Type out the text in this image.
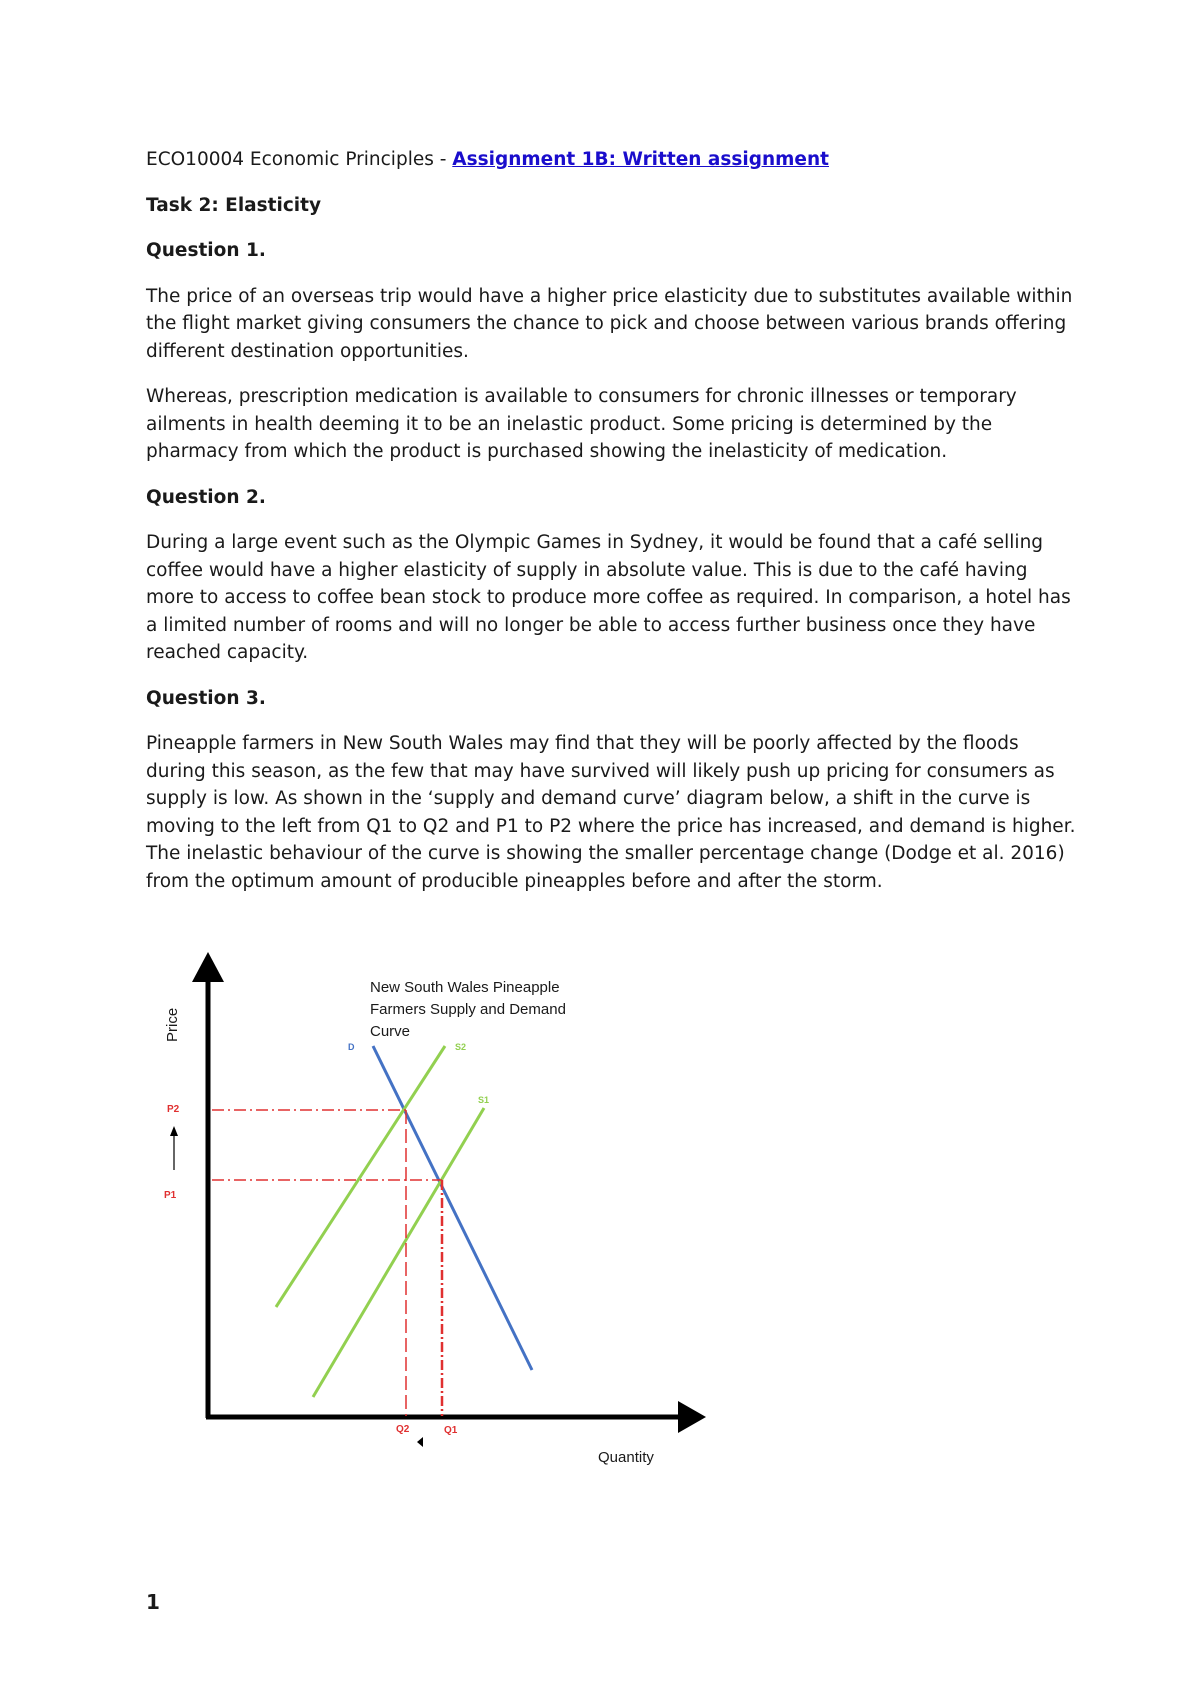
ECO10004 Economic Principles - Assignment 1B: Written assignment

Task 2: Elasticity

Question 1.

The price of an overseas trip would have a higher price elasticity due to substitutes available within the flight market giving consumers the chance to pick and choose between various brands offering different destination opportunities.

Whereas, prescription medication is available to consumers for chronic illnesses or temporary ailments in health deeming it to be an inelastic product. Some pricing is determined by the pharmacy from which the product is purchased showing the inelasticity of medication.

Question 2.

During a large event such as the Olympic Games in Sydney, it would be found that a café selling coffee would have a higher elasticity of supply in absolute value. This is due to the café having more to access to coffee bean stock to produce more coffee as required. In comparison, a hotel has a limited number of rooms and will no longer be able to access further business once they have reached capacity.

Question 3.

Pineapple farmers in New South Wales may find that they will be poorly affected by the floods during this season, as the few that may have survived will likely push up pricing for consumers as supply is low. As shown in the ‘supply and demand curve’ diagram below, a shift in the curve is moving to the left from Q1 to Q2 and P1 to P2 where the price has increased, and demand is higher. The inelastic behaviour of the curve is showing the smaller percentage change (Dodge et al. 2016) from the optimum amount of producible pineapples before and after the storm.

New South Wales Pineapple
Farmers Supply and Demand
Curve
Price
Quantity
D	S2
S1
P2
P1
Q2	Q1
1
